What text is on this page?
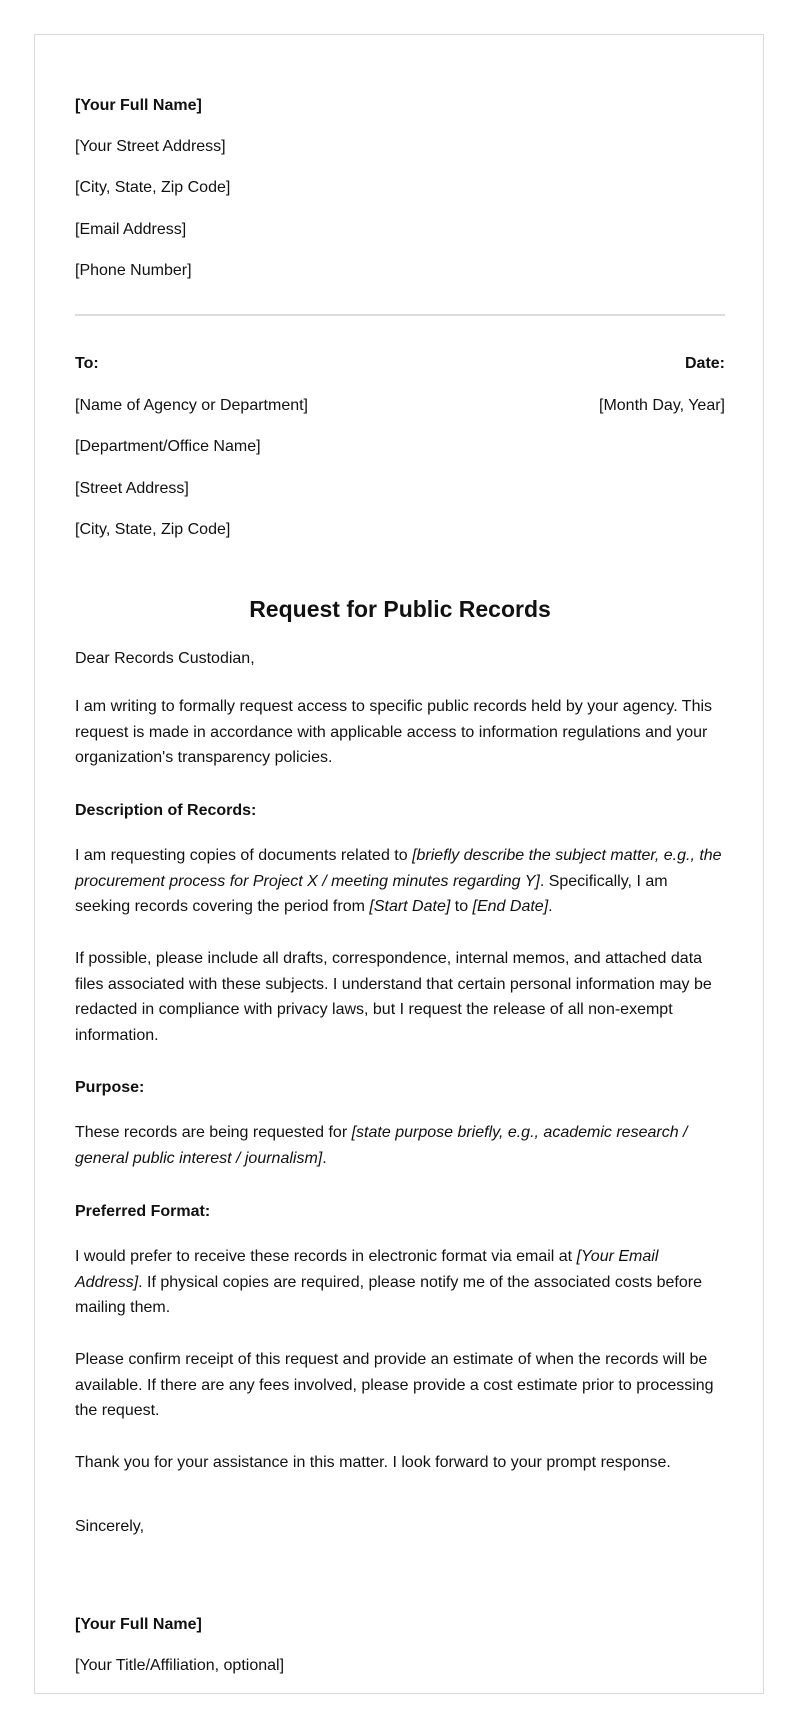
[Your Full Name]
[Your Street Address]
[City, State, Zip Code]
[Email Address]
[Phone Number]
To:	Date:
[Name of Agency or Department]	[Month Day, Year]
[Department/Office Name]
[Street Address]
[City, State, Zip Code]
Request for Public Records
Dear Records Custodian,
I am writing to formally request access to specific public records held by your agency. This request is made in accordance with applicable access to information regulations and your organization's transparency policies.
Description of Records:
I am requesting copies of documents related to [briefly describe the subject matter, e.g., the procurement process for Project X / meeting minutes regarding Y]. Specifically, I am seeking records covering the period from [Start Date] to [End Date].
If possible, please include all drafts, correspondence, internal memos, and attached data files associated with these subjects. I understand that certain personal information may be redacted in compliance with privacy laws, but I request the release of all non-exempt information.
Purpose:
These records are being requested for [state purpose briefly, e.g., academic research / general public interest / journalism].
Preferred Format:
I would prefer to receive these records in electronic format via email at [Your Email Address]. If physical copies are required, please notify me of the associated costs before mailing them.
Please confirm receipt of this request and provide an estimate of when the records will be available. If there are any fees involved, please provide a cost estimate prior to processing the request.
Thank you for your assistance in this matter. I look forward to your prompt response.
Sincerely,
[Your Full Name]
[Your Title/Affiliation, optional]
